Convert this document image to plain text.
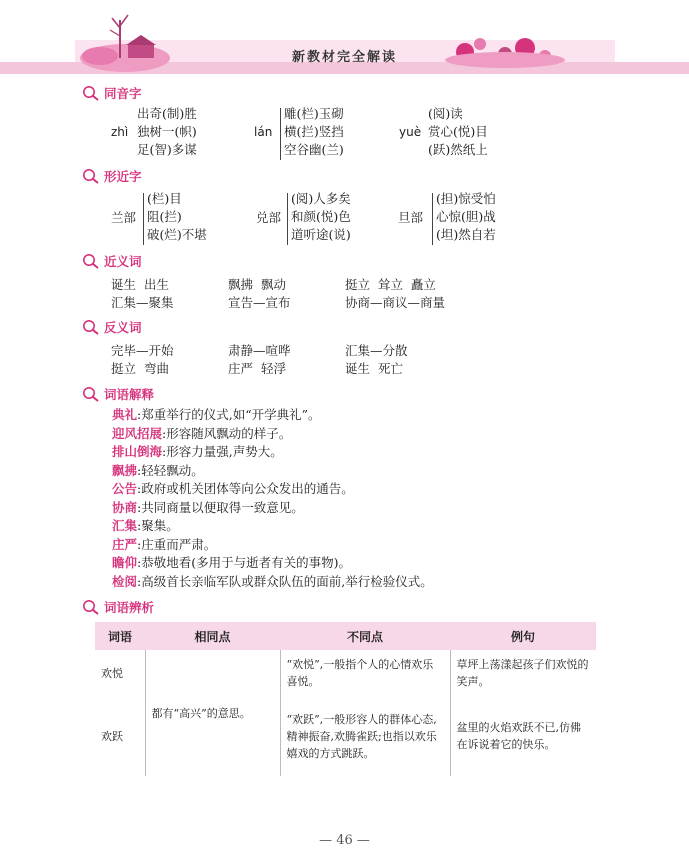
新教材完全解读
同音字
zhì
出奇(制)胜
独树一(帜)
足(智)多谋
lán
雕(栏)玉砌
横(拦)竖挡
空谷幽(兰)
yuè
(阅)读
赏心(悦)目
(跃)然纸上
形近字
兰部
(栏)目
阻(拦)
破(烂)不堪
兑部
(阅)人多矣
和颜(悦)色
道听途(说)
旦部
(担)惊受怕
心惊(胆)战
(坦)然自若
近义词
诞生  出生	飘拂  飘动	挺立  耸立  矗立
汇集—聚集	宣告—宣布	协商—商议—商量
反义词
完毕—开始	肃静—喧哗	汇集—分散
挺立  弯曲	庄严  轻浮	诞生  死亡
词语解释
典礼:郑重举行的仪式,如“开学典礼”。
迎风招展:形容随风飘动的样子。
排山倒海:形容力量强,声势大。
飘拂:轻轻飘动。
公告:政府或机关团体等向公众发出的通告。
协商:共同商量以便取得一致意见。
汇集:聚集。
庄严:庄重而严肃。
瞻仰:恭敬地看(多用于与逝者有关的事物)。
检阅:高级首长亲临军队或群众队伍的面前,举行检验仪式。
词语辨析
词语	相同点	不同点	例句
欢悦	都有“高兴”的意思。	“欢悦”,一般指个人的心情欢乐喜悦。	草坪上荡漾起孩子们欢悦的笑声。
欢跃		“欢跃”,一般形容人的群体心态,精神振奋,欢腾雀跃;也指以欢乐嬉戏的方式跳跃。	盆里的火焰欢跃不已,仿佛在诉说着它的快乐。
— 46 —
